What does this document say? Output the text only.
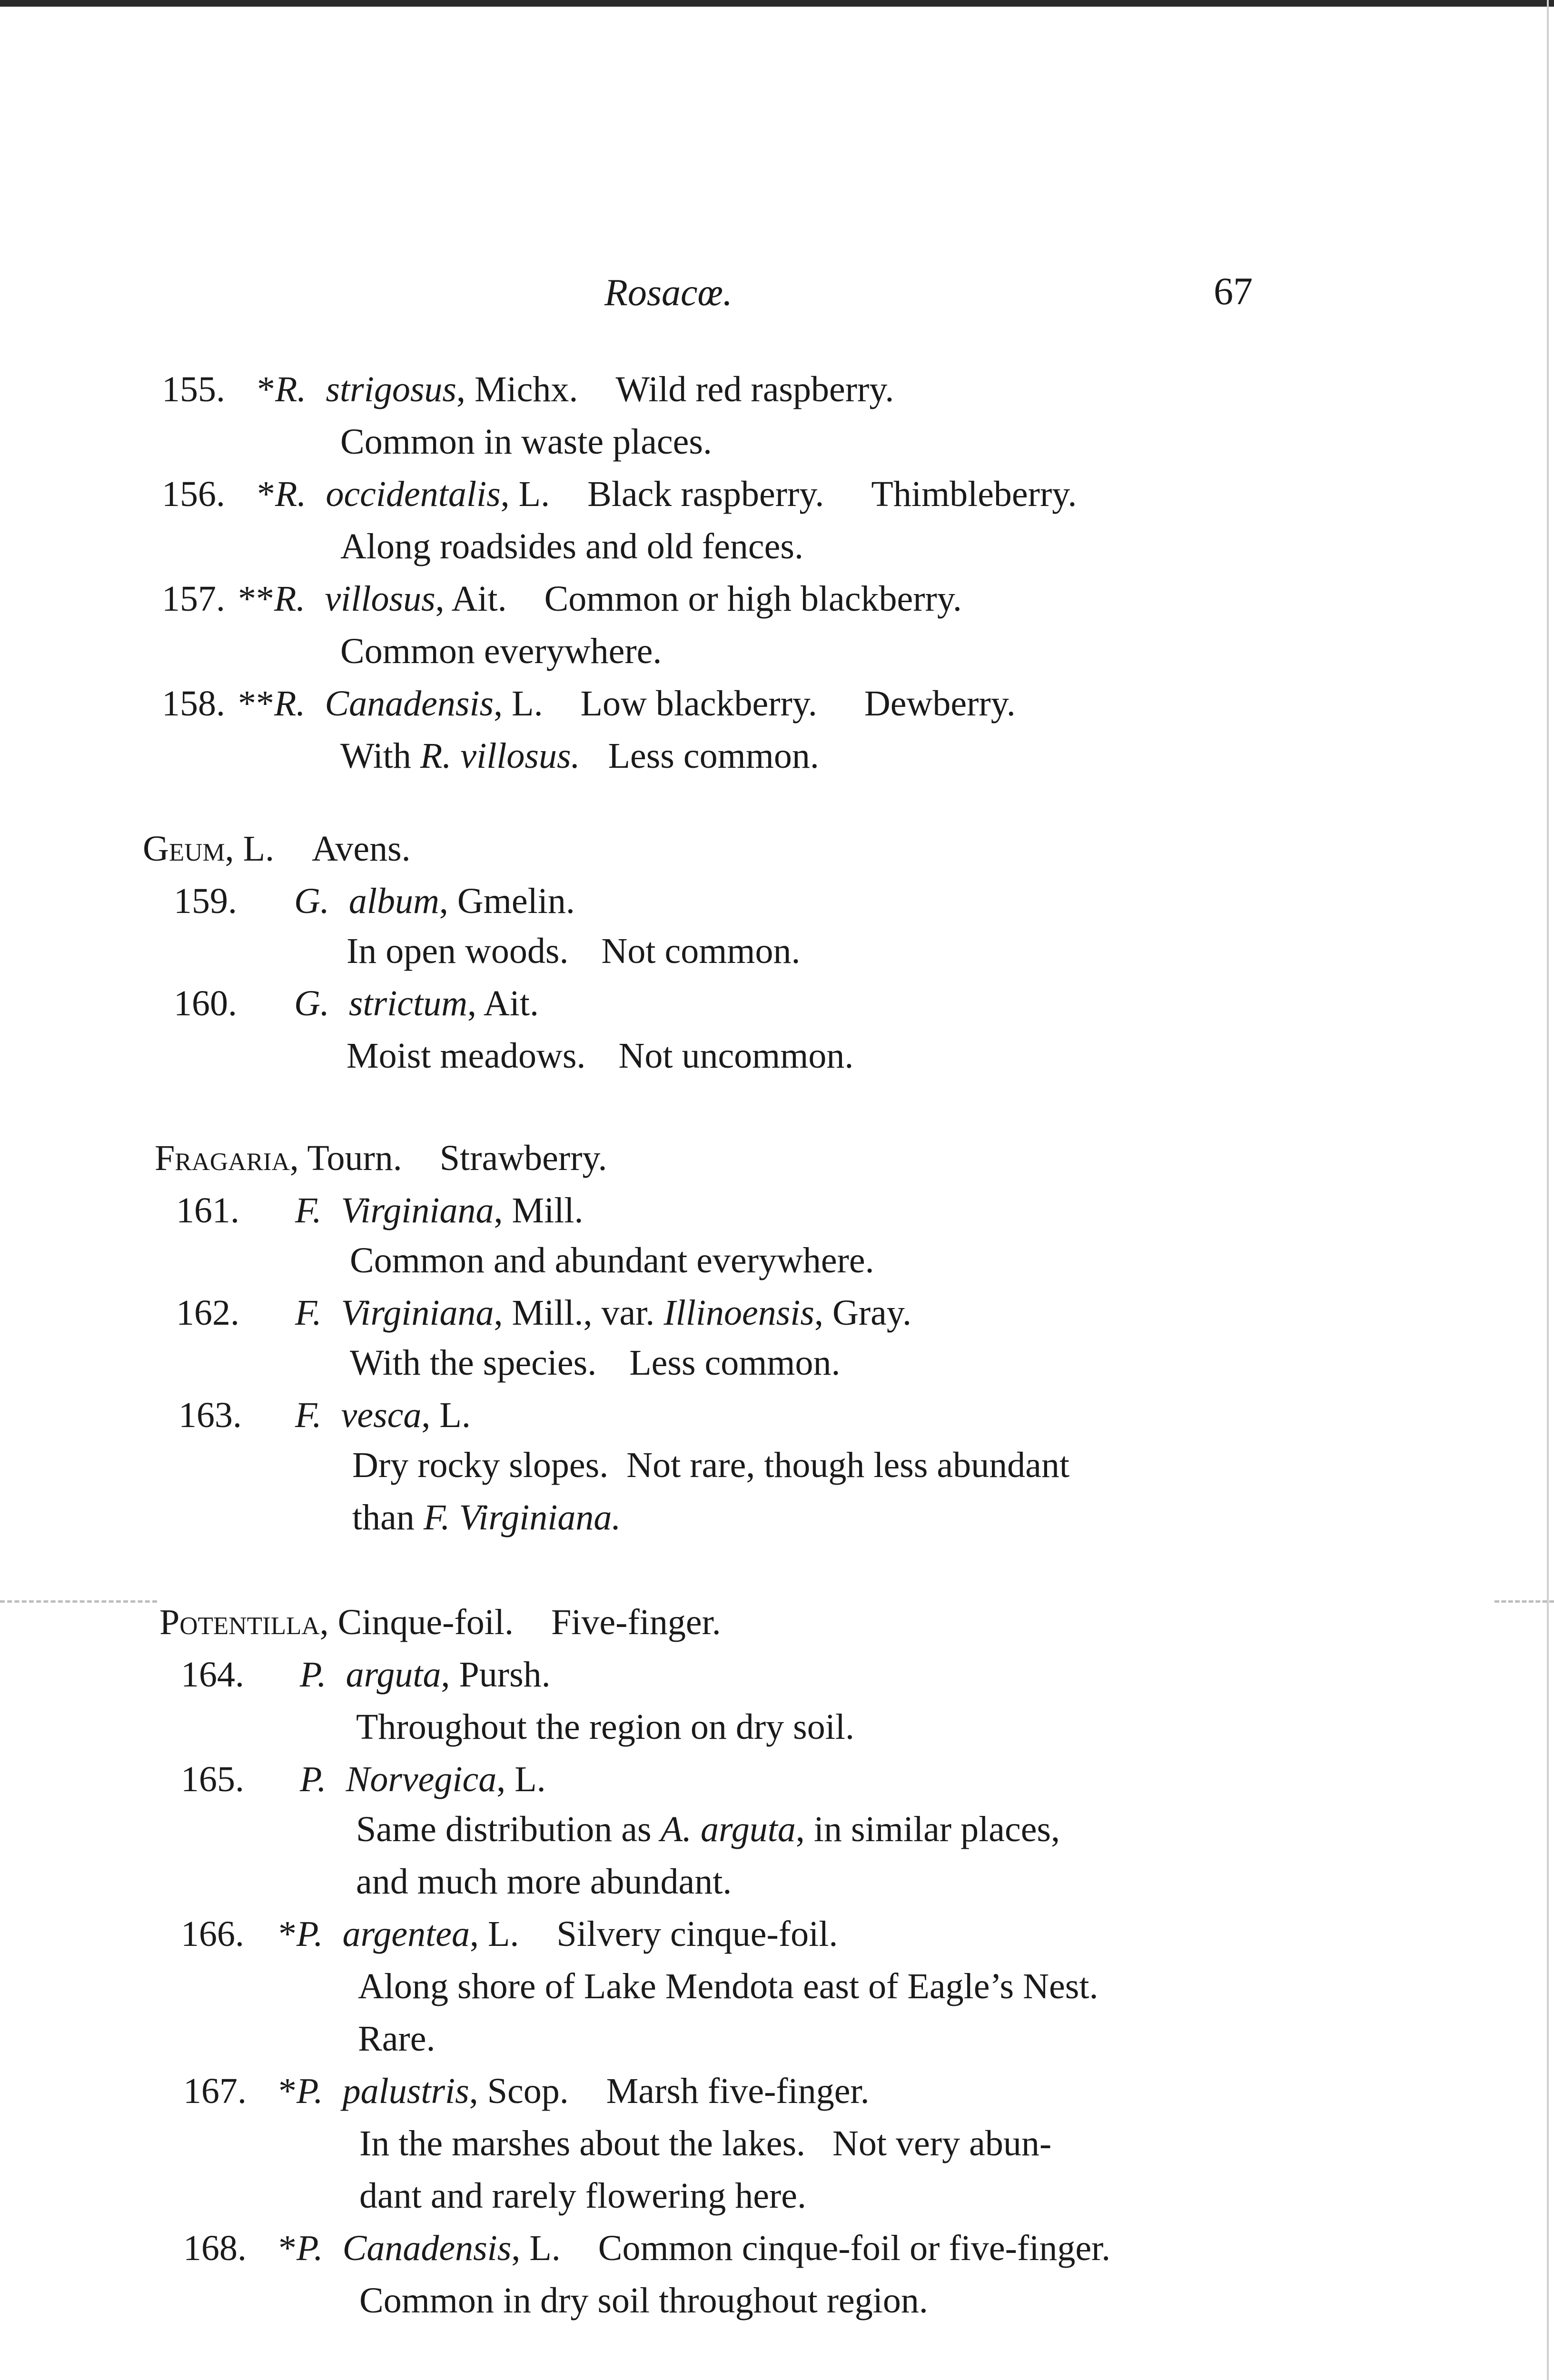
Rosacœ.	67
155. *R. strigosus, Michx. Wild red raspberry.
Common in waste places.
156. *R. occidentalis, L. Black raspberry. Thimbleberry.
Along roadsides and old fences.
157. **R. villosus, Ait. Common or high blackberry.
Common everywhere.
158. **R. Canadensis, L. Low blackberry. Dewberry.
With R. villosus. Less common.
Geum, L. Avens.
159. G. album, Gmelin.
In open woods. Not common.
160. G. strictum, Ait.
Moist meadows. Not uncommon.
Fragaria, Tourn. Strawberry.
161. F. Virginiana, Mill.
Common and abundant everywhere.
162. F. Virginiana, Mill., var. Illinoensis, Gray.
With the species. Less common.
163. F. vesca, L.
Dry rocky slopes.  Not rare, though less abundant
than F. Virginiana.
Potentilla, Cinque-foil. Five-finger.
164. P. arguta, Pursh.
Throughout the region on dry soil.
165. P. Norvegica, L.
Same distribution as A. arguta, in similar places,
and much more abundant.
166. *P. argentea, L. Silvery cinque-foil.
Along shore of Lake Mendota east of Eagle’s Nest.
Rare.
167. *P. palustris, Scop. Marsh five-finger.
In the marshes about the lakes.   Not very abun-
dant and rarely flowering here.
168. *P. Canadensis, L. Common cinque-foil or five-finger.
Common in dry soil throughout region.
